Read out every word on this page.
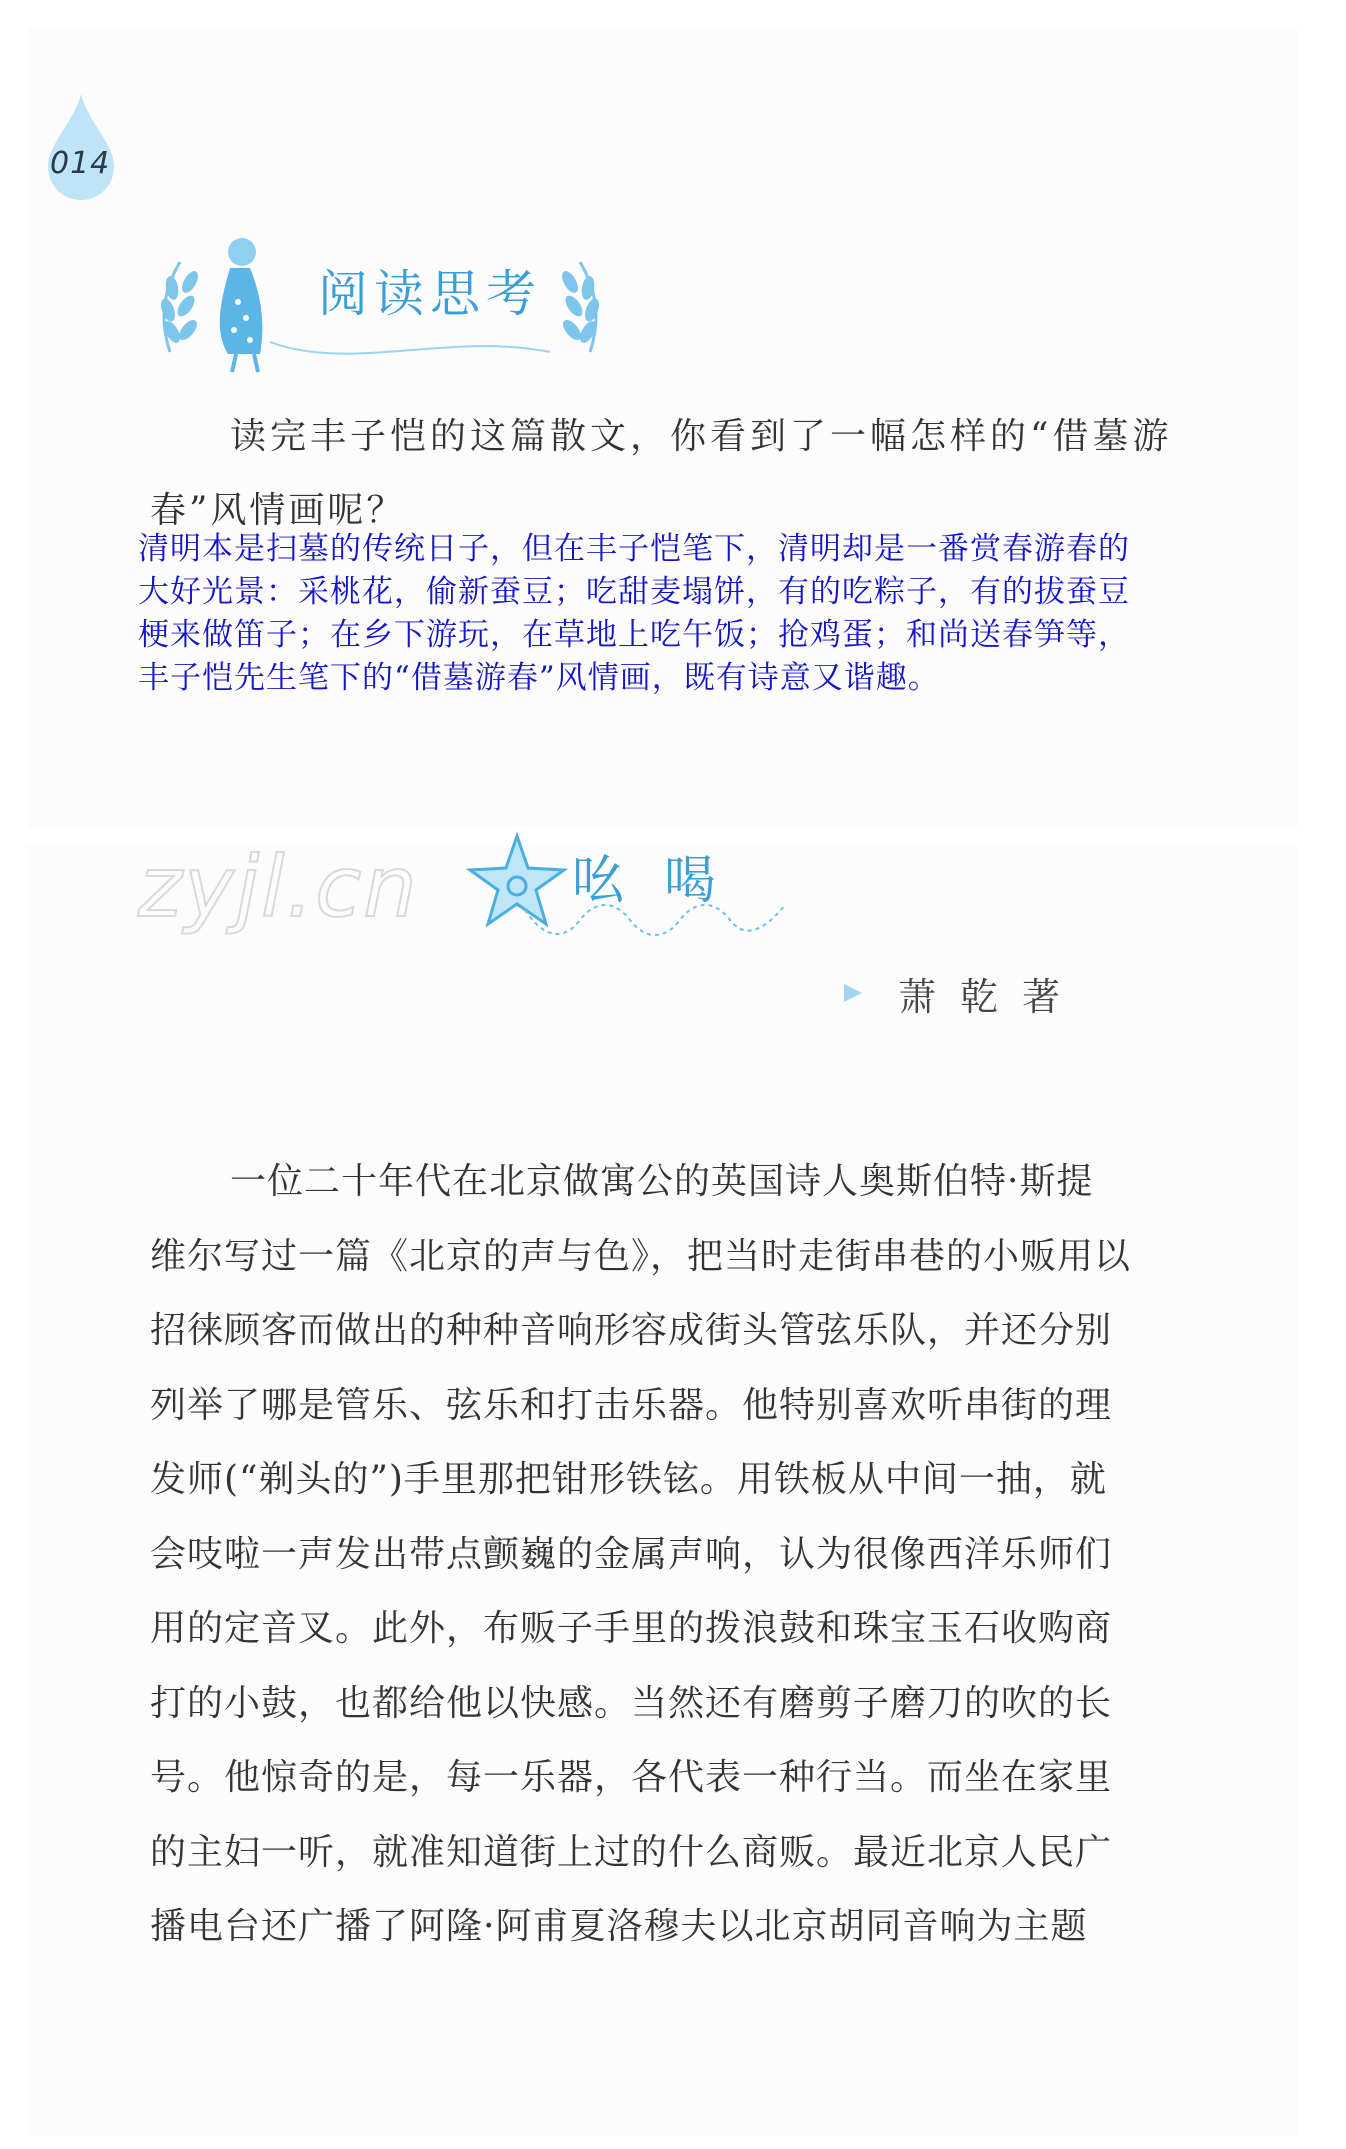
014
阅读思考
读完丰子恺的这篇散文，你看到了一幅怎样的“借墓游
春”风情画呢？
清明本是扫墓的传统日子，但在丰子恺笔下，清明却是一番赏春游春的
大好光景：采桃花，偷新蚕豆；吃甜麦塌饼，有的吃粽子，有的拔蚕豆
梗来做笛子；在乡下游玩，在草地上吃午饭；抢鸡蛋；和尚送春笋等，
丰子恺先生笔下的“借墓游春”风情画，既有诗意又谐趣。
zyjl.cn	吆喝
萧乾著
一位二十年代在北京做寓公的英国诗人奥斯伯特·斯提
维尔写过一篇《北京的声与色》，把当时走街串巷的小贩用以
招徕顾客而做出的种种音响形容成街头管弦乐队，并还分别
列举了哪是管乐、弦乐和打击乐器。他特别喜欢听串街的理
发师(“剃头的”)手里那把钳形铁铉。用铁板从中间一抽，就
会吱啦一声发出带点颤巍的金属声响，认为很像西洋乐师们
用的定音叉。此外，布贩子手里的拨浪鼓和珠宝玉石收购商
打的小鼓，也都给他以快感。当然还有磨剪子磨刀的吹的长
号。他惊奇的是，每一乐器，各代表一种行当。而坐在家里
的主妇一听，就准知道街上过的什么商贩。最近北京人民广
播电台还广播了阿隆·阿甫夏洛穆夫以北京胡同音响为主题
